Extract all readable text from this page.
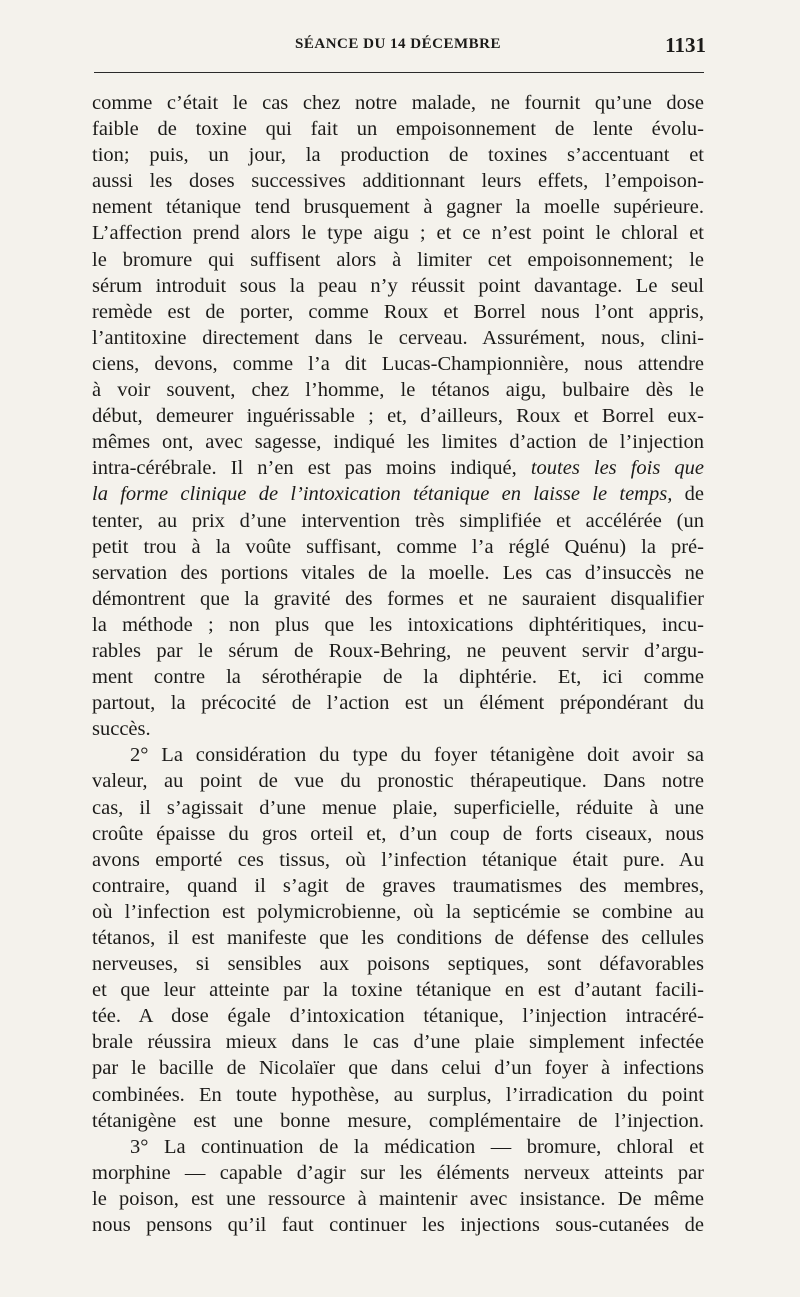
SÉANCE DU 14 DÉCEMBRE	1131
comme c’était le cas chez notre malade, ne fournit qu’une dose
faible de toxine qui fait un empoisonnement de lente évolu-
tion; puis, un jour, la production de toxines s’accentuant et
aussi les doses successives additionnant leurs effets, l’empoison-
nement tétanique tend brusquement à gagner la moelle supérieure.
L’affection prend alors le type aigu ; et ce n’est point le chloral et
le bromure qui suffisent alors à limiter cet empoisonnement; le
sérum introduit sous la peau n’y réussit point davantage. Le seul
remède est de porter, comme Roux et Borrel nous l’ont appris,
l’antitoxine directement dans le cerveau. Assurément, nous, clini-
ciens, devons, comme l’a dit Lucas-Championnière, nous attendre
à voir souvent, chez l’homme, le tétanos aigu, bulbaire dès le
début, demeurer inguérissable ; et, d’ailleurs, Roux et Borrel eux-
mêmes ont, avec sagesse, indiqué les limites d’action de l’injection
intra-cérébrale. Il n’en est pas moins indiqué, toutes les fois que
la forme clinique de l’intoxication tétanique en laisse le temps, de
tenter, au prix d’une intervention très simplifiée et accélérée (un
petit trou à la voûte suffisant, comme l’a réglé Quénu) la pré-
servation des portions vitales de la moelle. Les cas d’insuccès ne
démontrent que la gravité des formes et ne sauraient disqualifier
la méthode ; non plus que les intoxications diphtéritiques, incu-
rables par le sérum de Roux-Behring, ne peuvent servir d’argu-
ment contre la sérothérapie de la diphtérie. Et, ici comme
partout, la précocité de l’action est un élément prépondérant du
succès.
2° La considération du type du foyer tétanigène doit avoir sa
valeur, au point de vue du pronostic thérapeutique. Dans notre
cas, il s’agissait d’une menue plaie, superficielle, réduite à une
croûte épaisse du gros orteil et, d’un coup de forts ciseaux, nous
avons emporté ces tissus, où l’infection tétanique était pure. Au
contraire, quand il s’agit de graves traumatismes des membres,
où l’infection est polymicrobienne, où la septicémie se combine au
tétanos, il est manifeste que les conditions de défense des cellules
nerveuses, si sensibles aux poisons septiques, sont défavorables
et que leur atteinte par la toxine tétanique en est d’autant facili-
tée. A dose égale d’intoxication tétanique, l’injection intracéré-
brale réussira mieux dans le cas d’une plaie simplement infectée
par le bacille de Nicolaïer que dans celui d’un foyer à infections
combinées. En toute hypothèse, au surplus, l’irradication du point
tétanigène est une bonne mesure, complémentaire de l’injection.
3° La continuation de la médication — bromure, chloral et
morphine — capable d’agir sur les éléments nerveux atteints par
le poison, est une ressource à maintenir avec insistance. De même
nous pensons qu’il faut continuer les injections sous-cutanées de
